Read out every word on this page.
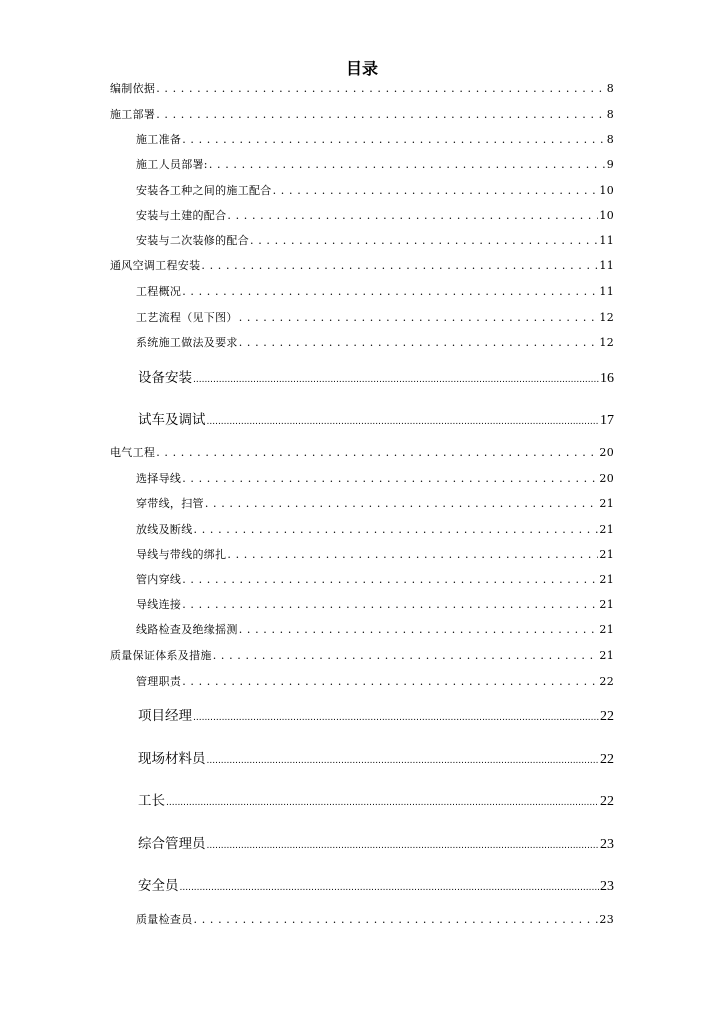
目录
编制依据 . . .	8
施工部署 . . .	8
施工准备 . . .	8
施工人员部署: . . .	9
安装各工种之间的施工配合 . . .	10
安装与土建的配合 . . .	10
安装与二次装修的配合 . . .	11
通风空调工程安装 . . .	11
工程概况 . . .	11
工艺流程（见下图） . . .	12
系统施工做法及要求 . . .	12
设备安装 .....	16
试车及调试 .....	17
电气工程 . . .	20
选择导线 . . .	20
穿带线，扫管 . . .	21
放线及断线 . . .	21
导线与带线的绑扎 . . .	21
管内穿线 . . .	21
导线连接 . . .	21
线路检查及绝缘摇测 . . .	21
质量保证体系及措施 . . .	21
管理职责 . . .	22
项目经理 .....	22
现场材料员 .....	22
工长 .....	22
综合管理员 .....	23
安全员 .....	23
质量检查员 . . .	23
